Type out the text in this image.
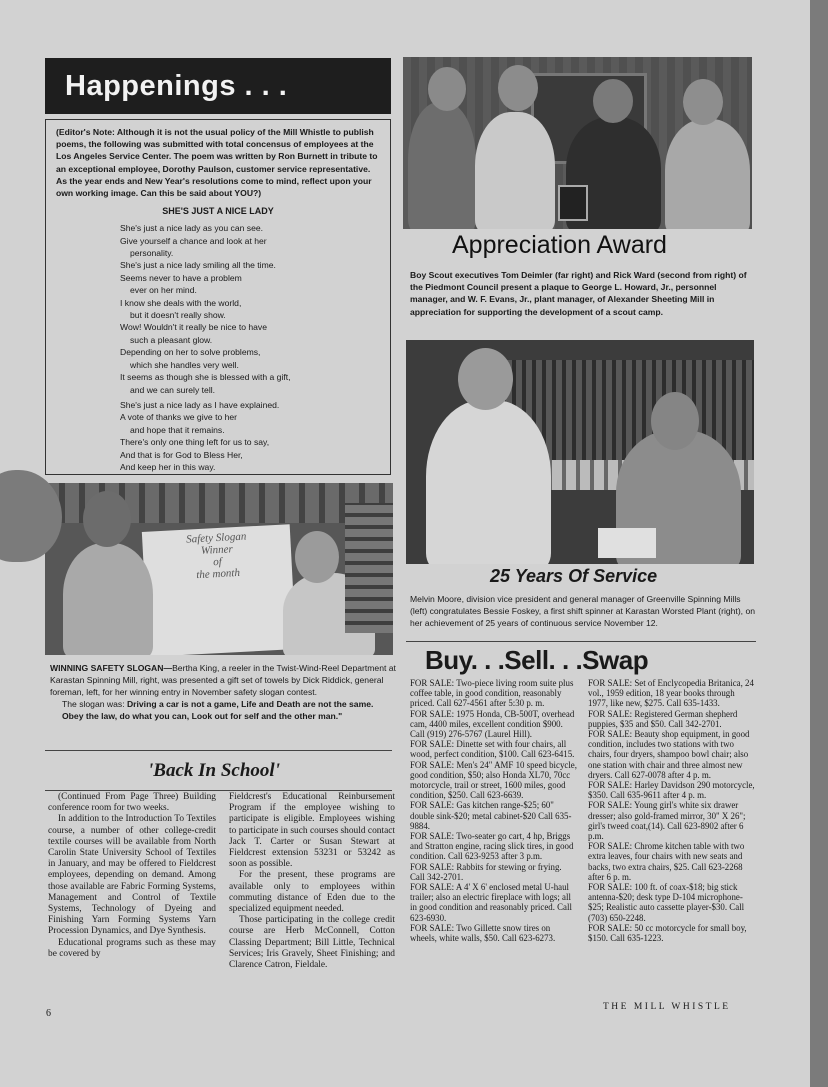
Happenings . . .

(Editor's Note: Although it is not the usual policy of the Mill Whistle to publish poems, the following was submitted with total concensus of employees at the Los Angeles Service Center. The poem was written by Ron Burnett in tribute to an exceptional employee, Dorothy Paulson, customer service representative. As the year ends and New Year's resolutions come to mind, reflect upon your own working image. Can this be said about YOU?)

SHE'S JUST A NICE LADY
She's just a nice lady as you can see.
Give yourself a chance and look at her
personality.
She's just a nice lady smiling all the time.
Seems never to have a problem
ever on her mind.
I know she deals with the world,
but it doesn't really show.
Wow! Wouldn't it really be nice to have
such a pleasant glow.
Depending on her to solve problems,
which she handles very well.
It seems as though she is blessed with a gift,
and we can surely tell.
She's just a nice lady as I have explained.
A vote of thanks we give to her
and hope that it remains.
There's only one thing left for us to say,
And that is for God to Bless Her,
And keep her in this way.
Appreciation Award
Boy Scout executives Tom Deimler (far right) and Rick Ward (second from right) of the Piedmont Council present a plaque to George L. Howard, Jr., personnel manager, and W. F. Evans, Jr., plant manager, of Alexander Sheeting Mill in appreciation for supporting the development of a scout camp.
25 Years Of Service
Melvin Moore, division vice president and general manager of Greenville Spinning Mills (left) congratulates Bessie Foskey, a first shift spinner at Karastan Worsted Plant (right), on her achievement of 25 years of continuous service November 12.
Safety Slogan
Winner
of
the month
WINNING SAFETY SLOGAN—Bertha King, a reeler in the Twist-Wind-Reel Department at Karastan Spinning Mill, right, was presented a gift set of towels by Dick Riddick, general foreman, left, for her winning entry in November safety slogan contest.
The slogan was: Driving a car is not a game, Life and Death are not the same. Obey the law, do what you can, Look out for self and the other man."
'Back In School'

(Continued From Page Three) Building conference room for two weeks.

In addition to the Introduction To Textiles course, a number of other college-credit textile courses will be available from North Carolin State University School of Textiles in January, and may be offered to Fieldcrest employees, depending on demand. Among those available are Fabric Forming Systems, Management and Control of Textile Systems, Technology of Dyeing and Finishing Yarn Forming Systems Yarn Procession Dynamics, and Dye Synthesis.

Educational programs such as these may be covered by

Fieldcrest's Educational Reinbursement Program if the employee wishing to participate is eligible. Employees wishing to participate in such courses should contact Jack T. Carter or Susan Stewart at Fieldcrest extension 53231 or 53242 as soon as possible.

For the present, these programs are available only to employees within commuting distance of Eden due to the specialized equipment needed.

Those participating in the college credit course are Herb McConnell, Cotton Classing Department; Bill Little, Technical Services; Iris Gravely, Sheet Finishing; and Clarence Catron, Fieldale.

Buy. . .Sell. . .Swap

FOR SALE: Two-piece living room suite plus coffee table, in good condition, reasonably priced. Call 627-4561 after 5:30 p. m.

FOR SALE: 1975 Honda, CB-500T, overhead cam, 4400 miles, excellent condition $900. Call (919) 276-5767 (Laurel Hill).

FOR SALE: Dinette set with four chairs, all wood, perfect condition, $100. Call 623-6415.

FOR SALE: Men's 24" AMF 10 speed bicycle, good condition, $50; also Honda XL70, 70cc motorcycle, trail or street, 1600 miles, good condition, $250. Call 623-6639.

FOR SALE: Gas kitchen range-$25; 60" double sink-$20; metal cabinet-$20 Call 635-9884.

FOR SALE: Two-seater go cart, 4 hp, Briggs and Stratton engine, racing slick tires, in good condition. Call 623-9253 after 3 p.m.

FOR SALE: Rabbits for stewing or frying. Call 342-2701.

FOR SALE: A 4' X 6' enclosed metal U-haul trailer; also an electric fireplace with logs; all in good condition and reasonably priced. Call 623-6930.

FOR SALE: Two Gillette snow tires on wheels, white walls, $50. Call 623-6273.

FOR SALE: Set of Enclycopedia Britanica, 24 vol., 1959 edition, 18 year books through 1977, like new, $275. Call 635-1433.

FOR SALE: Registered German shepherd puppies, $35 and $50. Call 342-2701.

FOR SALE: Beauty shop equipment, in good condition, includes two stations with two chairs, four dryers, shampoo bowl chair; also one station with chair and three almost new dryers. Call 627-0078 after 4 p. m.

FOR SALE: Harley Davidson 290 motorcycle, $350. Call 635-9611 after 4 p. m.

FOR SALE: Young girl's white six drawer dresser; also gold-framed mirror, 30" X 26"; girl's tweed coat,(14). Call 623-8902 after 6 p.m.

FOR SALE: Chrome kitchen table with two extra leaves, four chairs with new seats and backs, two extra chairs, $25. Call 623-2268 after 6 p. m.

FOR SALE: 100 ft. of coax-$18; big stick antenna-$20; desk type D-104 microphone- $25; Realistic auto cassette player-$30. Call (703) 650-2248.

FOR SALE: 50 cc motorcycle for small boy, $150. Call 635-1223.

6
THE MILL WHISTLE
